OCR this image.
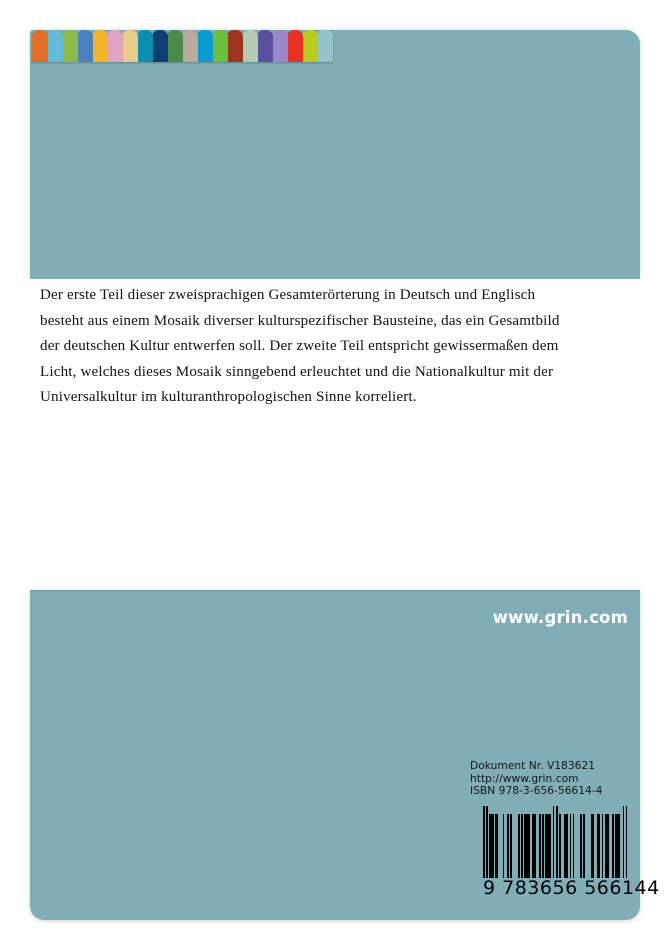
Der erste Teil dieser zweisprachigen Gesamterörterung in Deutsch und Englisch besteht aus einem Mosaik diverser kulturspezifischer Bausteine, das ein Gesamtbild der deutschen Kultur entwerfen soll. Der zweite Teil entspricht gewissermaßen dem Licht, welches dieses Mosaik sinngebend erleuchtet und die Nationalkultur mit der Universalkultur im kulturanthropologischen Sinne korreliert.
www.grin.com
Dokument Nr. V183621
http://www.grin.com
ISBN 978-3-656-56614-4
9 783656 566144
